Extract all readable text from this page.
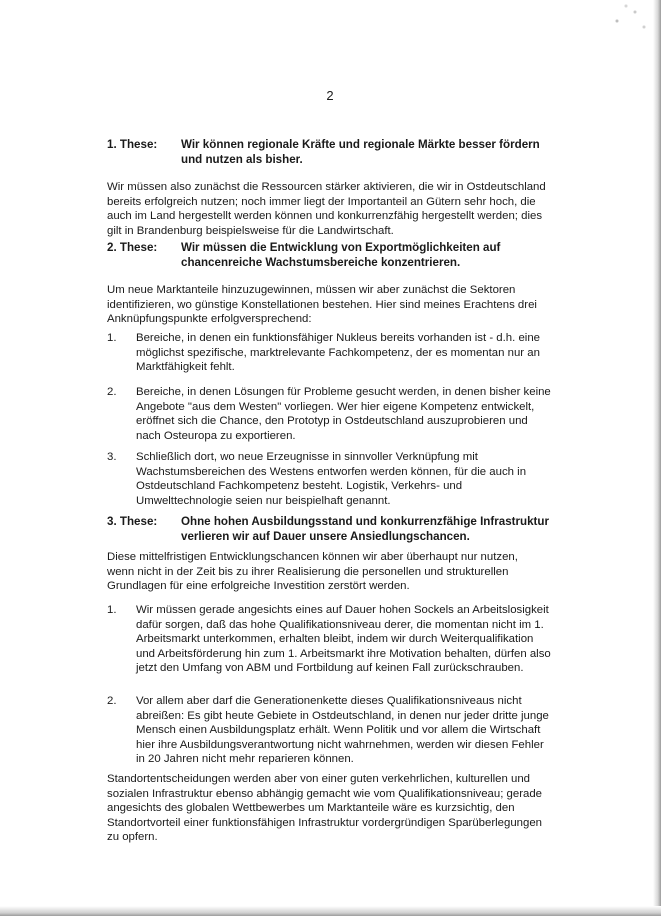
2
1. These:	Wir können regionale Kräfte und regionale Märkte besser fördern und nutzen als bisher.
Wir müssen also zunächst die Ressourcen stärker aktivieren, die wir in Ostdeutschland bereits erfolgreich nutzen; noch immer liegt der Importanteil an Gütern sehr hoch, die auch im Land hergestellt werden können und konkurrenzfähig hergestellt werden; dies gilt in Brandenburg beispielsweise für die Landwirtschaft.
2. These:	Wir müssen die Entwicklung von Exportmöglichkeiten auf chancenreiche Wachstumsbereiche konzentrieren.
Um neue Marktanteile hinzuzugewinnen, müssen wir aber zunächst die Sektoren identifizieren, wo günstige Konstellationen bestehen. Hier sind meines Erachtens drei Anknüpfungspunkte erfolgversprechend:
1.	Bereiche, in denen ein funktionsfähiger Nukleus bereits vorhanden ist - d.h. eine möglichst spezifische, marktrelevante Fachkompetenz, der es momentan nur an Marktfähigkeit fehlt.
2.	Bereiche, in denen Lösungen für Probleme gesucht werden, in denen bisher keine Angebote "aus dem Westen" vorliegen. Wer hier eigene Kompetenz entwickelt, eröffnet sich die Chance, den Prototyp in Ostdeutschland auszuprobieren und nach Osteuropa zu exportieren.
3.	Schließlich dort, wo neue Erzeugnisse in sinnvoller Verknüpfung mit Wachstumsbereichen des Westens entworfen werden können, für die auch in Ostdeutschland Fachkompetenz besteht. Logistik, Verkehrs- und Umwelttechnologie seien nur beispielhaft genannt.
3. These:	Ohne hohen Ausbildungsstand und konkurrenzfähige Infrastruktur verlieren wir auf Dauer unsere Ansiedlungschancen.
Diese mittelfristigen Entwicklungschancen können wir aber überhaupt nur nutzen, wenn nicht in der Zeit bis zu ihrer Realisierung die personellen und strukturellen Grundlagen für eine erfolgreiche Investition zerstört werden.
1.	Wir müssen gerade angesichts eines auf Dauer hohen Sockels an Arbeitslosigkeit dafür sorgen, daß das hohe Qualifikationsniveau derer, die momentan nicht im 1. Arbeitsmarkt unterkommen, erhalten bleibt, indem wir durch Weiterqualifikation und Arbeitsförderung hin zum 1. Arbeitsmarkt ihre Motivation behalten, dürfen also jetzt den Umfang von ABM und Fortbildung auf keinen Fall zurückschrauben.
2.	Vor allem aber darf die Generationenkette dieses Qualifikationsniveaus nicht abreißen: Es gibt heute Gebiete in Ostdeutschland, in denen nur jeder dritte junge Mensch einen Ausbildungsplatz erhält. Wenn Politik und vor allem die Wirtschaft hier ihre Ausbildungsverantwortung nicht wahrnehmen, werden wir diesen Fehler in 20 Jahren nicht mehr reparieren können.
Standortentscheidungen werden aber von einer guten verkehrlichen, kulturellen und sozialen Infrastruktur ebenso abhängig gemacht wie vom Qualifikationsniveau; gerade angesichts des globalen Wettbewerbes um Marktanteile wäre es kurzsichtig, den Standortvorteil einer funktionsfähigen Infrastruktur vordergründigen Sparüberlegungen zu opfern.
